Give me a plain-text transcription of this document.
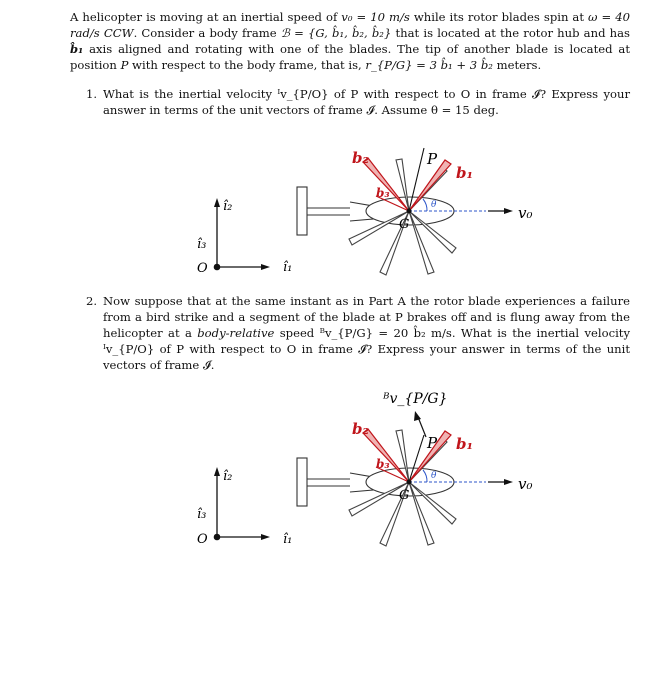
A helicopter is moving at an inertial speed of v₀ = 10 m/s while its rotor blades spin at ω = 40 rad/s CCW. Consider a body frame ℬ = {G, b̂₁, b̂₂, b̂₂} that is located at the rotor hub and has b̂₁ axis aligned and rotating with one of the blades. The tip of another blade is located at position P with respect to the body frame, that is, r_{P/G} = 3 b̂₁ + 3 b̂₂ meters.
1. What is the inertial velocity ᴵv_{P/O} of P with respect to O in frame 𝓘? Express your answer in terms of the unit vectors of frame 𝓘. Assume θ = 15 deg.
î₂
î₃
O	î₁
b₂	P
b₁
b₃
θ
G
v₀
2. Now suppose that at the same instant as in Part A the rotor blade experiences a failure from a bird strike and a segment of the blade at P brakes off and is flung away from the helicopter at a body-relative speed ᴮv_{P/G} = 20 b̂₂ m/s. What is the inertial velocity ᴵv_{P/O} of P with respect to O in frame 𝓘? Express your answer in terms of the unit vectors of frame 𝓘.
î₂
î₃
O	î₁
ᴮv_{P/G}
b₂
P b₁
b₃
θ
G
v₀
